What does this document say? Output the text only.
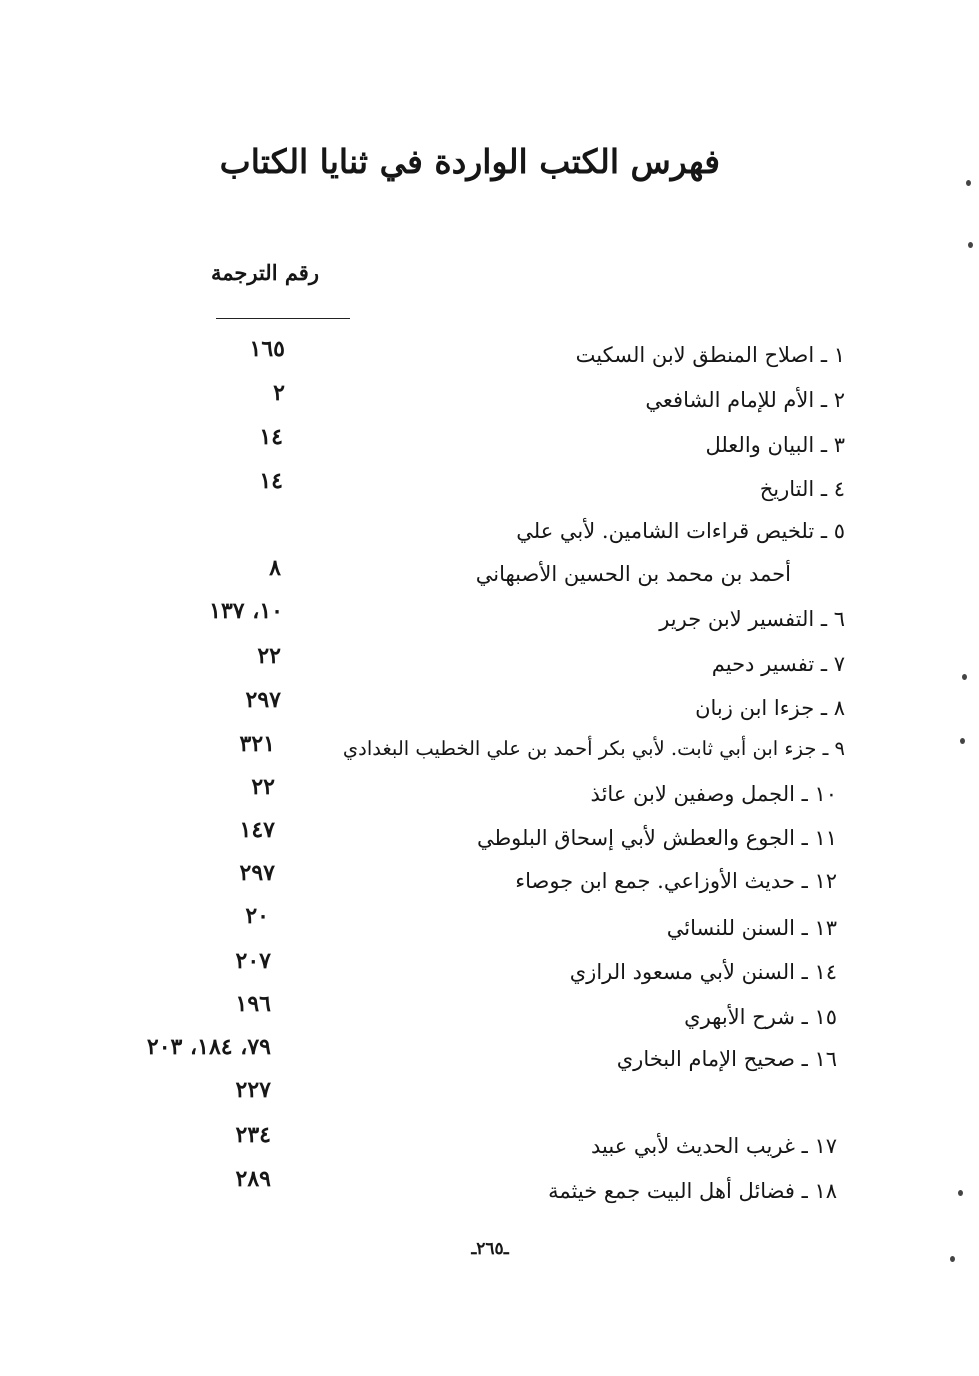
فهرس الكتب الواردة في ثنايا الكتاب
رقم الترجمة
١ ـ اصلاح المنطق لابن السكيت
٢ ـ الأم للإمام الشافعي
٣ ـ البيان والعلل
٤ ـ التاريخ
٥ ـ تلخيص قراءات الشامين. لأبي علي
أحمد بن محمد بن الحسين الأصبهاني
٦ ـ التفسير لابن جرير
٧ ـ تفسير دحيم
٨ ـ جزءا ابن زبان
٩ ـ جزء ابن أبي ثابت. لأبي بكر أحمد بن علي الخطيب البغدادي
١٠ ـ الجمل وصفين لابن عائذ
١١ ـ الجوع والعطش لأبي إسحاق البلوطي
١٢ ـ حديث الأوزاعي. جمع ابن جوصاء
١٣ ـ السنن للنسائي
١٤ ـ السنن لأبي مسعود الرازي
١٥ ـ شرح الأبهري
١٦ ـ صحيح الإمام البخاري
١٧ ـ غريب الحديث لأبي عبيد
١٨ ـ فضائل أهل البيت جمع خيثمة
١٦٥
٢
١٤
١٤
٨
١٠، ١٣٧
٢٢
٢٩٧
٣٢١
٢٢
١٤٧
٢٩٧
٢٠
٢٠٧
١٩٦
٧٩، ١٨٤، ٢٠٣
٢٢٧
٢٣٤
٢٨٩
ـ٢٦٥ـ
